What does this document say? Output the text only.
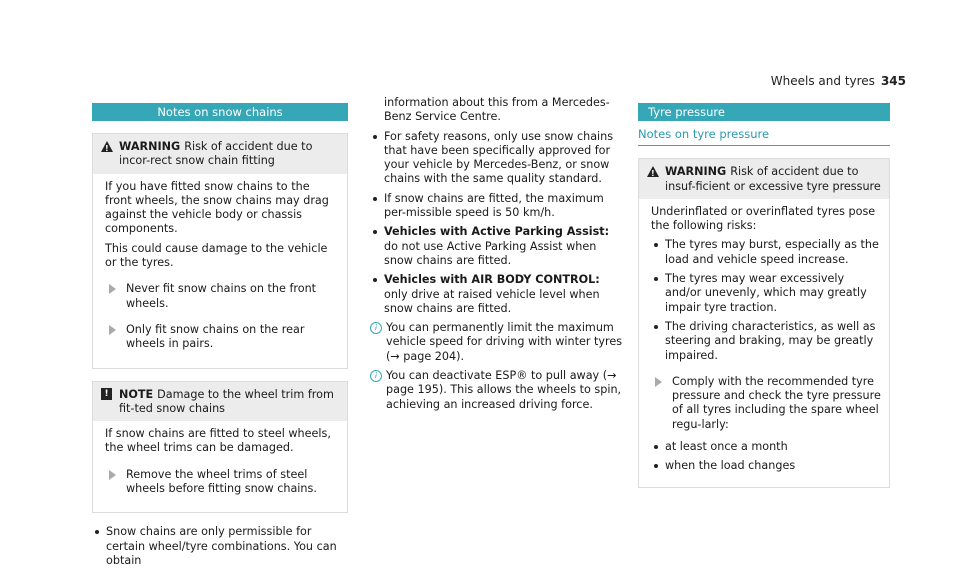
Wheels and tyres 345
Notes on snow chains
!
WARNING Risk of accident due to incor-rect snow chain fitting

If you have fitted snow chains to the front wheels, the snow chains may drag against the vehicle body or chassis components.

This could cause damage to the vehicle or the tyres.

Never fit snow chains on the front wheels.
Only fit snow chains on the rear wheels in pairs.
! NOTE Damage to the wheel trim from fit-ted snow chains

If snow chains are fitted to steel wheels, the wheel trims can be damaged.

Remove the wheel trims of steel wheels before fitting snow chains.
Snow chains are only permissible for certain wheel/tyre combinations. You can obtain

information about this from a Mercedes-Benz Service Centre.

For safety reasons, only use snow chains that have been specifically approved for your vehicle by Mercedes-Benz, or snow chains with the same quality standard.
If snow chains are fitted, the maximum per-missible speed is 50 km/h.
Vehicles with Active Parking Assist: do not use Active Parking Assist when snow chains are fitted.
Vehicles with AIR BODY CONTROL: only drive at raised vehicle level when snow chains are fitted.
i You can permanently limit the maximum vehicle speed for driving with winter tyres (→ page 204).
i You can deactivate ESP® to pull away (→ page 195). This allows the wheels to spin, achieving an increased driving force.
Tyre pressure
Notes on tyre pressure
!
WARNING Risk of accident due to insuf-ficient or excessive tyre pressure

Underinflated or overinflated tyres pose the following risks:

The tyres may burst, especially as the load and vehicle speed increase.
The tyres may wear excessively and/or unevenly, which may greatly impair tyre traction.
The driving characteristics, as well as steering and braking, may be greatly impaired.
Comply with the recommended tyre pressure and check the tyre pressure of all tyres including the spare wheel regu-larly:
at least once a month
when the load changes
